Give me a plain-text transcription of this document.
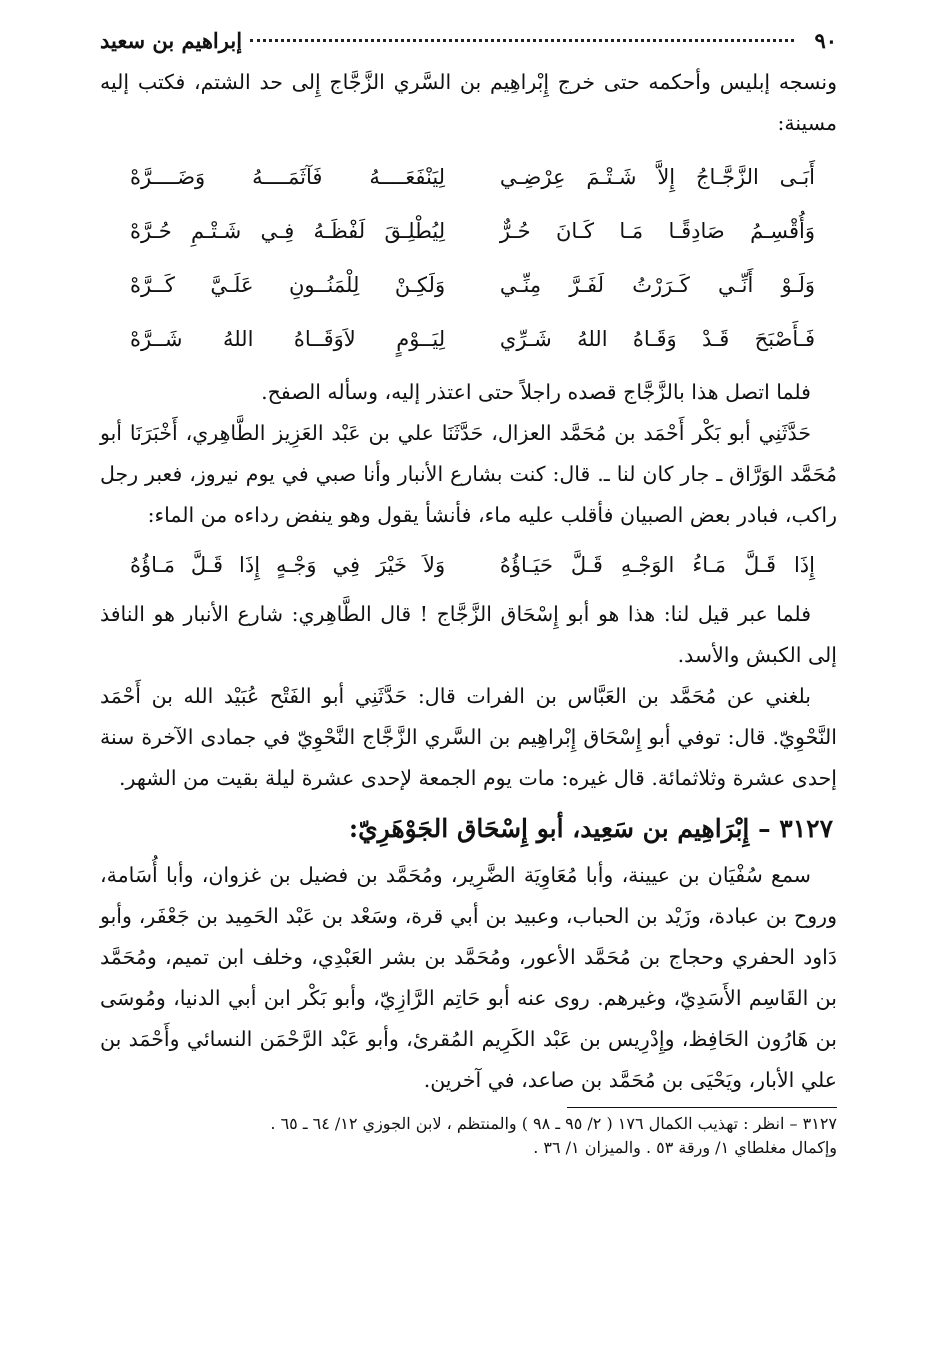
٩٠
إبراهيم بن سعيد

ونسجه إبليس وأحكمه حتى خرج إِبْراهِيم بن السَّري الزَّجَّاج إِلى حد الشتم، فكتب إليه مسينة:

أَبَـى الزَّجَّـاجُ إِلاَّ شَـتْـمَ عِرْضِـي
لِيَنْفَعَــــهُ فَآثَمَــــهُ وَضَــــرَّهْ
وَأُقْسِـمُ صَادِقًـا مَـا كَـانَ حُـرٌّ
لِيُطْلِـقَ لَفْظَـهُ فِـي شَـتْـمِ حُـرَّهْ
وَلَـوْ أَنِّـي كَـرَرْتُ لَفَـرَّ مِنِّـي
وَلَكِـنْ لِلْمَنُــونِ عَلَـيَّ كَــرَّهْ
فَـأَصْبَحَ قَـدْ وَقَـاهُ اللهُ شَـرِّي
لِيَــوْمٍ لاَوَقَــاهُ اللهُ شَــرَّهْ

فلما اتصل هذا بالزَّجَّاج قصده راجلاً حتى اعتذر إليه، وسأله الصفح.

حَدَّثَنِي أبو بَكْر أَحْمَد بن مُحَمَّد العزال، حَدَّثَنَا علي بن عَبْد العَزِيز الطَّاهِري، أَخْبَرَنَا أبو مُحَمَّد الوَرَّاق ـ جار كان لنا ـ. قال: كنت بشارع الأنبار وأنا صبي في يوم نيروز، فعبر رجل راكب، فبادر بعض الصبيان فأقلب عليه ماء، فأنشأ يقول وهو ينفض رداءه من الماء:

إِذَا قَـلَّ مَـاءُ الوَجْـهِ قَـلَّ حَيَـاؤُهُ
وَلاَ خَيْرَ فِي وَجْـهٍ إِذَا قَـلَّ مَـاؤُهُ

فلما عبر قيل لنا: هذا هو أبو إِسْحَاق الزَّجَّاج ! قال الطَّاهِري: شارع الأنبار هو النافذ إلى الكبش والأسد.

بلغني عن مُحَمَّد بن العَبَّاس بن الفرات قال: حَدَّثَنِي أبو الفَتْح عُبَيْد الله بن أَحْمَد النَّحْوِيّ. قال: توفي أبو إِسْحَاق إِبْراهِيم بن السَّري الزَّجَّاج النَّحْوِيّ في جمادى الآخرة سنة إحدى عشرة وثلاثمائة. قال غيره: مات يوم الجمعة لإحدى عشرة ليلة بقيت من الشهر.

٣١٢٧ – إِبْرَاهِيم بن سَعِيد، أبو إِسْحَاق الجَوْهَرِيّ:

سمع سُفْيَان بن عيينة، وأبا مُعَاوِيَة الضَّرِير، ومُحَمَّد بن فضيل بن غزوان، وأبا أُسَامة، وروح بن عبادة، وزَيْد بن الحباب، وعبيد بن أبي قرة، وسَعْد بن عَبْد الحَمِيد بن جَعْفَر، وأبو دَاود الحفري وحجاج بن مُحَمَّد الأعور، ومُحَمَّد بن بشر العَبْدِي، وخلف ابن تميم، ومُحَمَّد بن القَاسِم الأَسَدِيّ، وغيرهم. روى عنه أبو حَاتِم الرَّازِيّ، وأبو بَكْر ابن أبي الدنيا، ومُوسَى بن هَارُون الحَافِظ، وإِدْرِيس بن عَبْد الكَرِيم المُقرئ، وأبو عَبْد الرَّحْمَن النسائي وأَحْمَد بن علي الأبار، ويَحْيَى بن مُحَمَّد بن صاعد، في آخرين.

٣١٢٧ – انظر : تهذيب الكمال ١٧٦ ( ٢/ ٩٥ ـ ٩٨ ) والمنتظم ، لابن الجوزي ١٢/ ٦٤ ـ ٦٥ .
وإكمال مغلطاي ١/ ورقة ٥٣ . والميزان ١/ ٣٦ .
